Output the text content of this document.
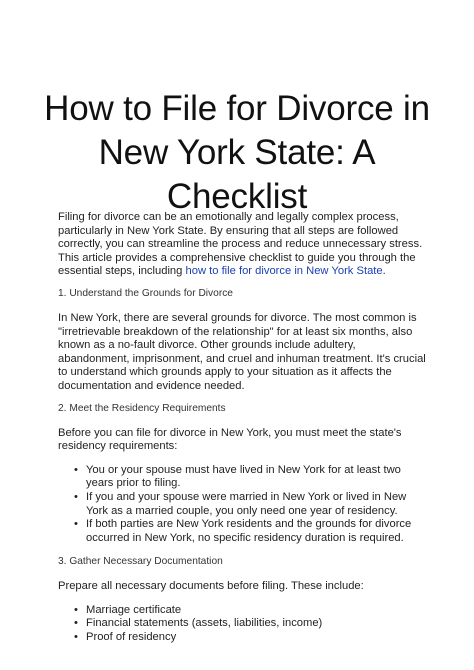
How to File for Divorce in New York State: A Checklist

Filing for divorce can be an emotionally and legally complex process, particularly in New York State. By ensuring that all steps are followed correctly, you can streamline the process and reduce unnecessary stress. This article provides a comprehensive checklist to guide you through the essential steps, including how to file for divorce in New York State.

1. Understand the Grounds for Divorce

In New York, there are several grounds for divorce. The most common is "irretrievable breakdown of the relationship" for at least six months, also known as a no-fault divorce. Other grounds include adultery, abandonment, imprisonment, and cruel and inhuman treatment. It's crucial to understand which grounds apply to your situation as it affects the documentation and evidence needed.

2. Meet the Residency Requirements

Before you can file for divorce in New York, you must meet the state's residency requirements:

• You or your spouse must have lived in New York for at least two years prior to filing.
• If you and your spouse were married in New York or lived in New York as a married couple, you only need one year of residency.
• If both parties are New York residents and the grounds for divorce occurred in New York, no specific residency duration is required.

3. Gather Necessary Documentation

Prepare all necessary documents before filing. These include:

• Marriage certificate
• Financial statements (assets, liabilities, income)
• Proof of residency
